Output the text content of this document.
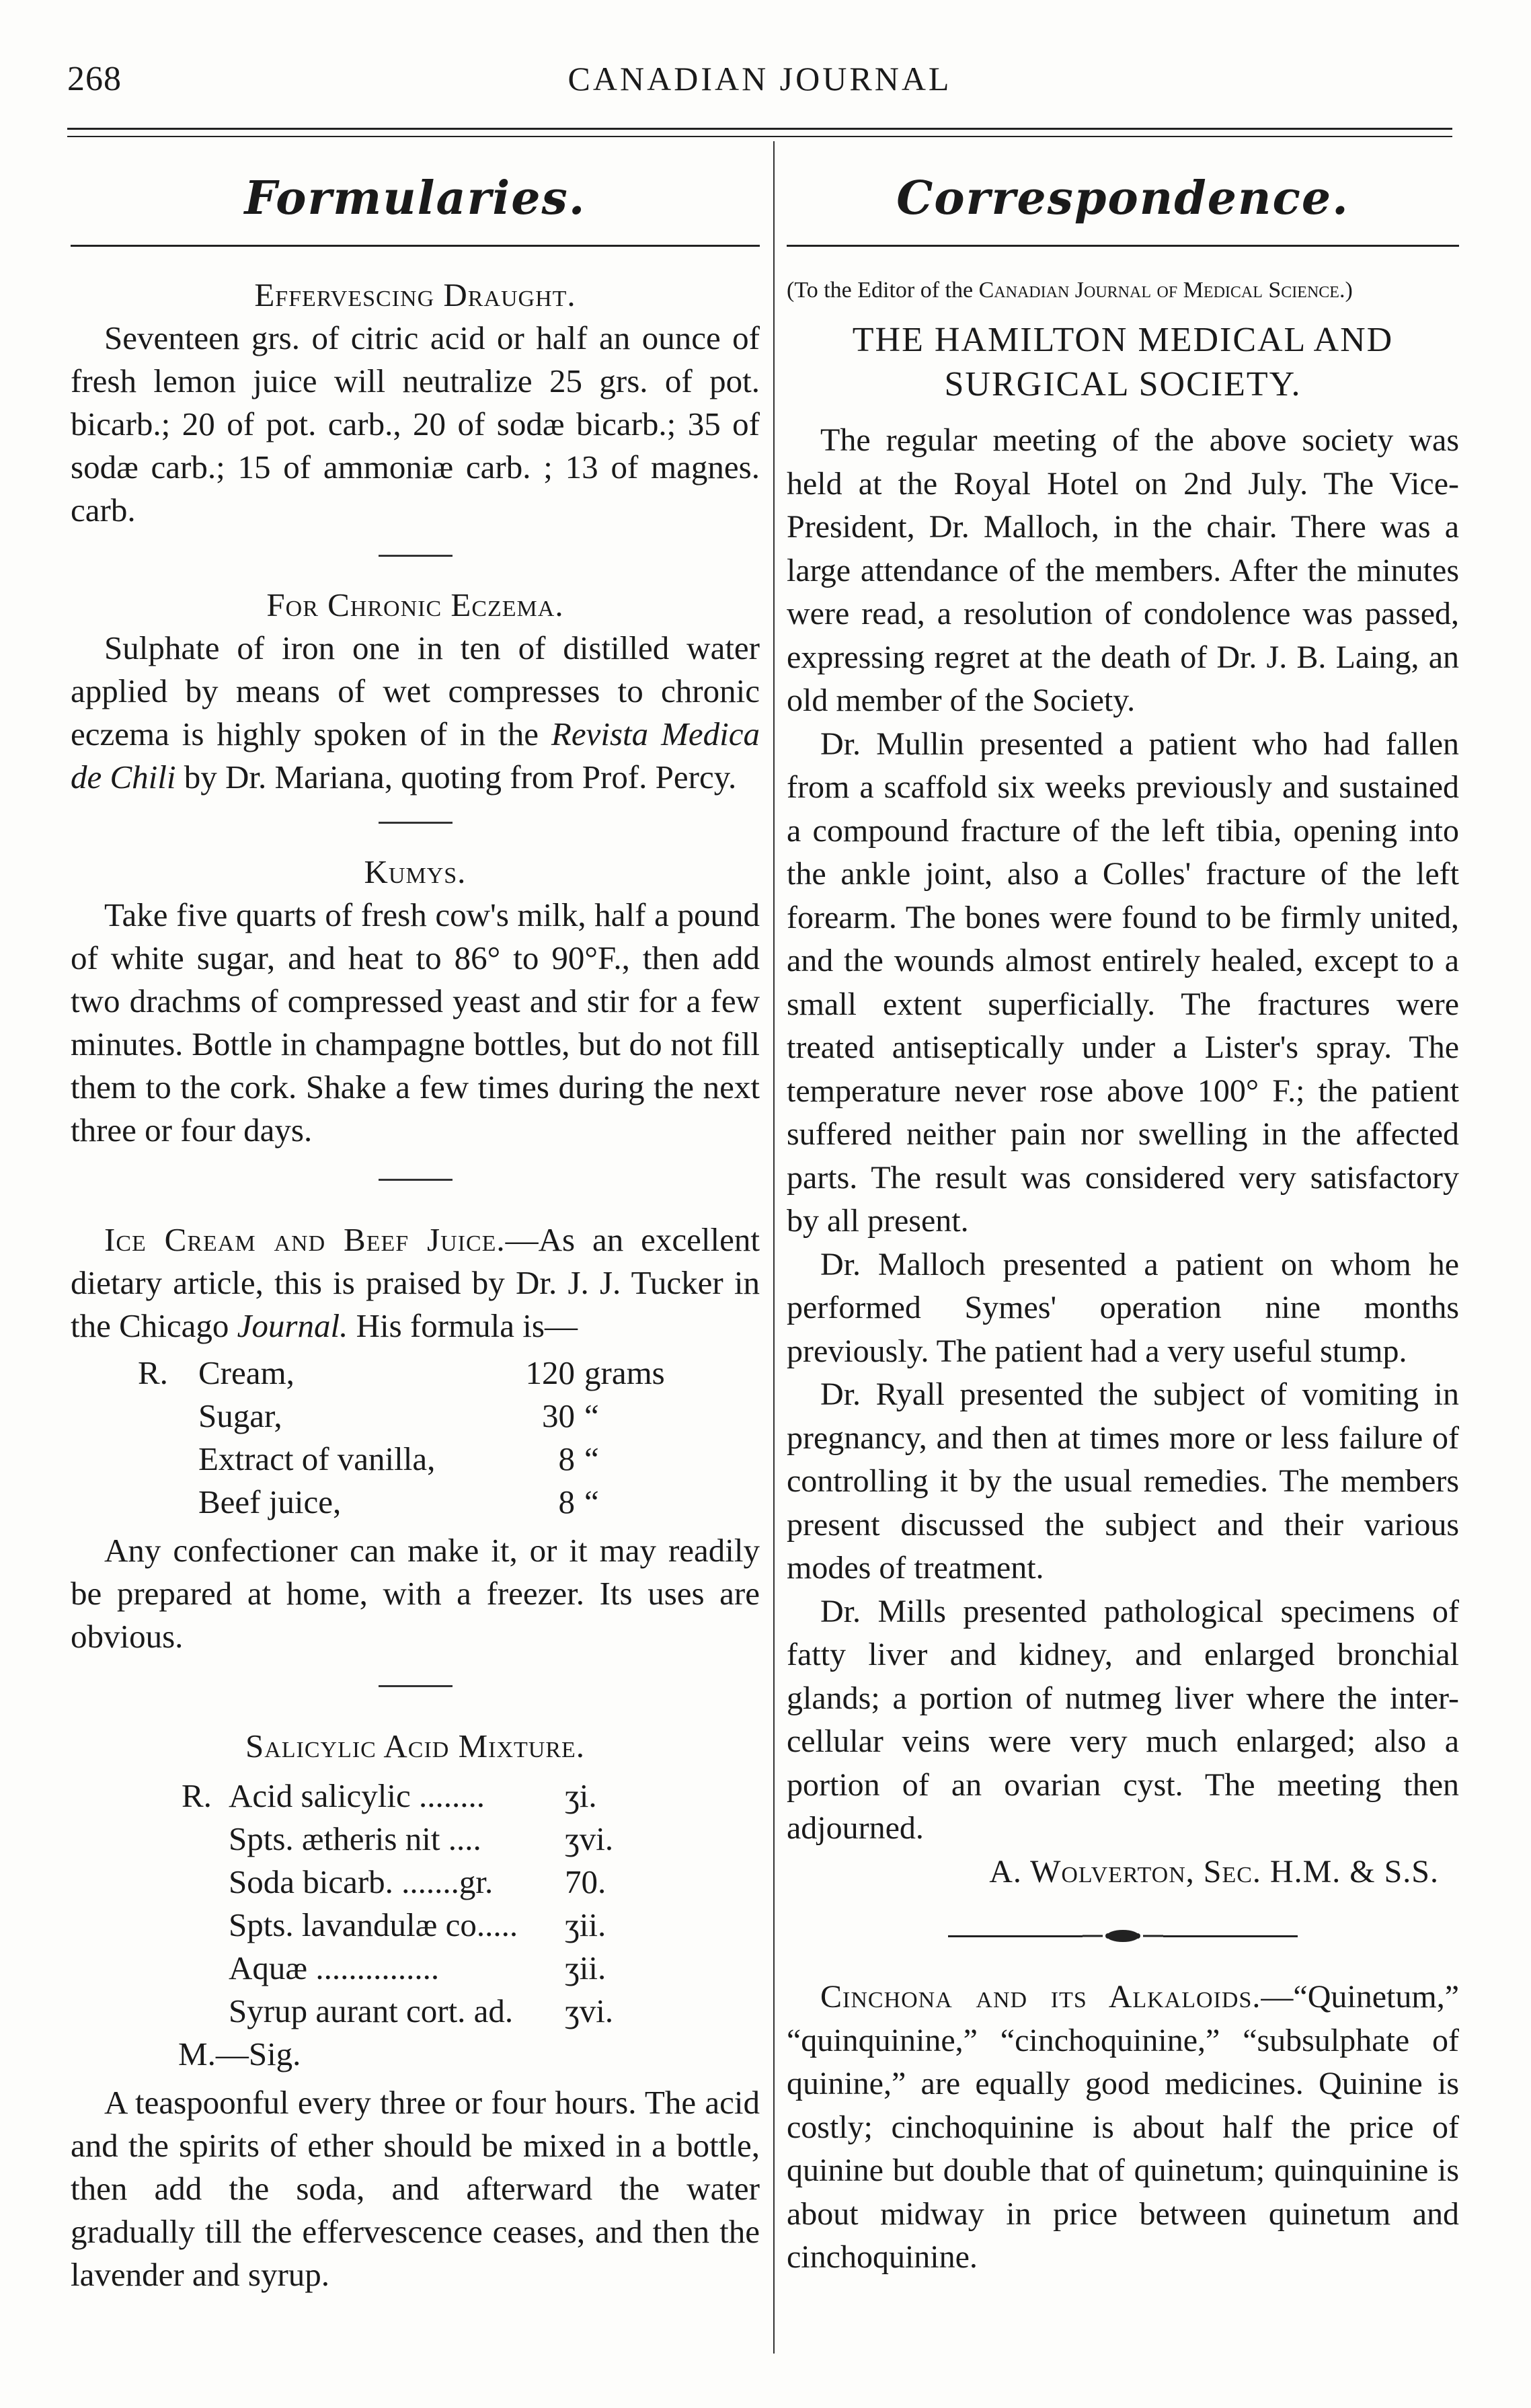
268	CANADIAN JOURNAL
Formularies.
Effervescing Draught.

Seventeen grs. of citric acid or half an ounce of fresh lemon juice will neutralize 25 grs. of pot. bicarb.; 20 of pot. carb., 20 of sodæ bicarb.; 35 of sodæ carb.; 15 of ammoniæ carb. ; 13 of magnes. carb.

For Chronic Eczema.

Sulphate of iron one in ten of distilled water applied by means of wet compresses to chronic eczema is highly spoken of in the Revista Medica de Chili by Dr. Mariana, quoting from Prof. Percy.

Kumys.

Take five quarts of fresh cow's milk, half a pound of white sugar, and heat to 86° to 90°F., then add two drachms of compressed yeast and stir for a few minutes. Bottle in champagne bottles, but do not fill them to the cork. Shake a few times during the next three or four days.

Ice Cream and Beef Juice.—As an excellent dietary article, this is praised by Dr. J. J. Tucker in the Chicago Journal. His formula is—

R. Cream,	120 grams
Sugar,	30 “
Extract of vanilla,	8 “
Beef juice,	8 “

Any confectioner can make it, or it may readily be prepared at home, with a freezer. Its uses are obvious.

Salicylic Acid Mixture.
R. Acid salicylic ........	ʒi.
Spts. ætheris nit ....	ʒvi.
Soda bicarb. .......gr.	70.
Spts. lavandulæ co.....	ʒii.
Aquæ ...............	ʒii.
Syrup aurant cort. ad.	ʒvi.
M.—Sig.

A teaspoonful every three or four hours. The acid and the spirits of ether should be mixed in a bottle, then add the soda, and afterward the water gradually till the effervescence ceases, and then the lavender and syrup.

Correspondence.
(To the Editor of the Canadian Journal of Medical Science.)
THE HAMILTON MEDICAL AND SURGICAL SOCIETY.

The regular meeting of the above society was held at the Royal Hotel on 2nd July. The Vice-President, Dr. Malloch, in the chair. There was a large attendance of the members. After the minutes were read, a resolution of condolence was passed, expressing regret at the death of Dr. J. B. Laing, an old member of the Society.

Dr. Mullin presented a patient who had fallen from a scaffold six weeks previously and sustained a compound fracture of the left tibia, opening into the ankle joint, also a Colles' fracture of the left forearm. The bones were found to be firmly united, and the wounds almost entirely healed, except to a small extent superficially. The fractures were treated antiseptically under a Lister's spray. The temperature never rose above 100° F.; the patient suffered neither pain nor swelling in the affected parts. The result was considered very satisfactory by all present.

Dr. Malloch presented a patient on whom he performed Symes' operation nine months previously. The patient had a very useful stump.

Dr. Ryall presented the subject of vomiting in pregnancy, and then at times more or less failure of controlling it by the usual remedies. The members present discussed the subject and their various modes of treatment.

Dr. Mills presented pathological specimens of fatty liver and kidney, and enlarged bronchial glands; a portion of nutmeg liver where the inter-cellular veins were very much enlarged; also a portion of an ovarian cyst. The meeting then adjourned.

A. Wolverton, Sec. H.M. & S.S.

Cinchona and its Alkaloids.—“Quinetum,” “quinquinine,” “cinchoquinine,” “subsulphate of quinine,” are equally good medicines. Quinine is costly; cinchoquinine is about half the price of quinine but double that of quinetum; quinquinine is about midway in price between quinetum and cinchoquinine.
